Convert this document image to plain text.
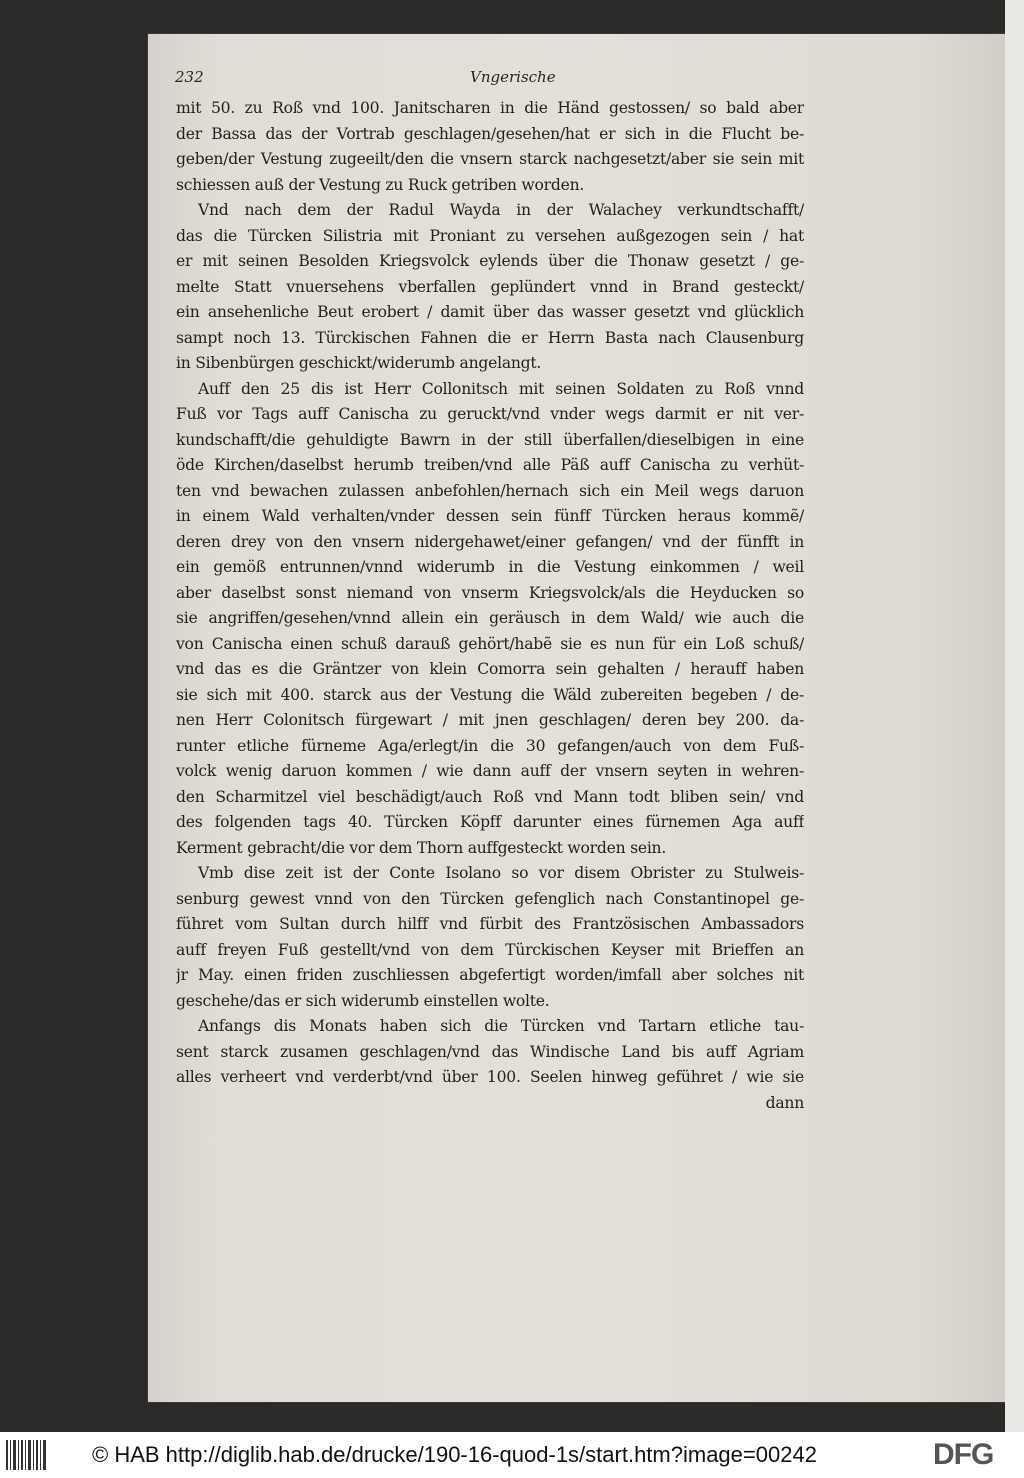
232	Vngerische
mit 50. zu Roß vnd 100. Janitscharen in die Händ gestossen/ so bald aber
der Bassa das der Vortrab geschlagen/gesehen/hat er sich in die Flucht be-
geben/der Vestung zugeeilt/den die vnsern starck nachgesetzt/aber sie sein mit
schiessen auß der Vestung zu Ruck getriben worden.
Vnd nach dem der Radul Wayda in der Walachey verkundtschafft/
das die Türcken Silistria mit Proniant zu versehen außgezogen sein / hat
er mit seinen Besolden Kriegsvolck eylends über die Thonaw gesetzt / ge-
melte Statt vnuersehens vberfallen geplündert vnnd in Brand gesteckt/
ein ansehenliche Beut erobert / damit über das wasser gesetzt vnd glücklich
sampt noch 13. Türckischen Fahnen die er Herrn Basta nach Clausenburg
in Sibenbürgen geschickt/widerumb angelangt.
Auff den 25 dis ist Herr Collonitsch mit seinen Soldaten zu Roß vnnd
Fuß vor Tags auff Canischa zu geruckt/vnd vnder wegs darmit er nit ver-
kundschafft/die gehuldigte Bawrn in der still überfallen/dieselbigen in eine
öde Kirchen/daselbst herumb treiben/vnd alle Päß auff Canischa zu verhüt-
ten vnd bewachen zulassen anbefohlen/hernach sich ein Meil wegs daruon
in einem Wald verhalten/vnder dessen sein fünff Türcken heraus kommẽ/
deren drey von den vnsern nidergehawet/einer gefangen/ vnd der fünfft in
ein gemöß entrunnen/vnnd widerumb in die Vestung einkommen / weil
aber daselbst sonst niemand von vnserm Kriegsvolck/als die Heyducken so
sie angriffen/gesehen/vnnd allein ein geräusch in dem Wald/ wie auch die
von Canischa einen schuß darauß gehört/habẽ sie es nun für ein Loß schuß/
vnd das es die Gräntzer von klein Comorra sein gehalten / herauff haben
sie sich mit 400. starck aus der Vestung die Wäld zubereiten begeben / de-
nen Herr Colonitsch fürgewart / mit jnen geschlagen/ deren bey 200. da-
runter etliche fürneme Aga/erlegt/in die 30 gefangen/auch von dem Fuß-
volck wenig daruon kommen / wie dann auff der vnsern seyten in wehren-
den Scharmitzel viel beschädigt/auch Roß vnd Mann todt bliben sein/ vnd
des folgenden tags 40. Türcken Köpff darunter eines fürnemen Aga auff
Kerment gebracht/die vor dem Thorn auffgesteckt worden sein.
Vmb dise zeit ist der Conte Isolano so vor disem Obrister zu Stulweis-
senburg gewest vnnd von den Türcken gefenglich nach Constantinopel ge-
führet vom Sultan durch hilff vnd fürbit des Frantzösischen Ambassadors
auff freyen Fuß gestellt/vnd von dem Türckischen Keyser mit Brieffen an
jr May. einen friden zuschliessen abgefertigt worden/imfall aber solches nit
geschehe/das er sich widerumb einstellen wolte.
Anfangs dis Monats haben sich die Türcken vnd Tartarn etliche tau-
sent starck zusamen geschlagen/vnd das Windische Land bis auff Agriam
alles verheert vnd verderbt/vnd über 100. Seelen hinweg geführet / wie sie
dann
© HAB http://diglib.hab.de/drucke/190-16-quod-1s/start.htm?image=00242	DFG
